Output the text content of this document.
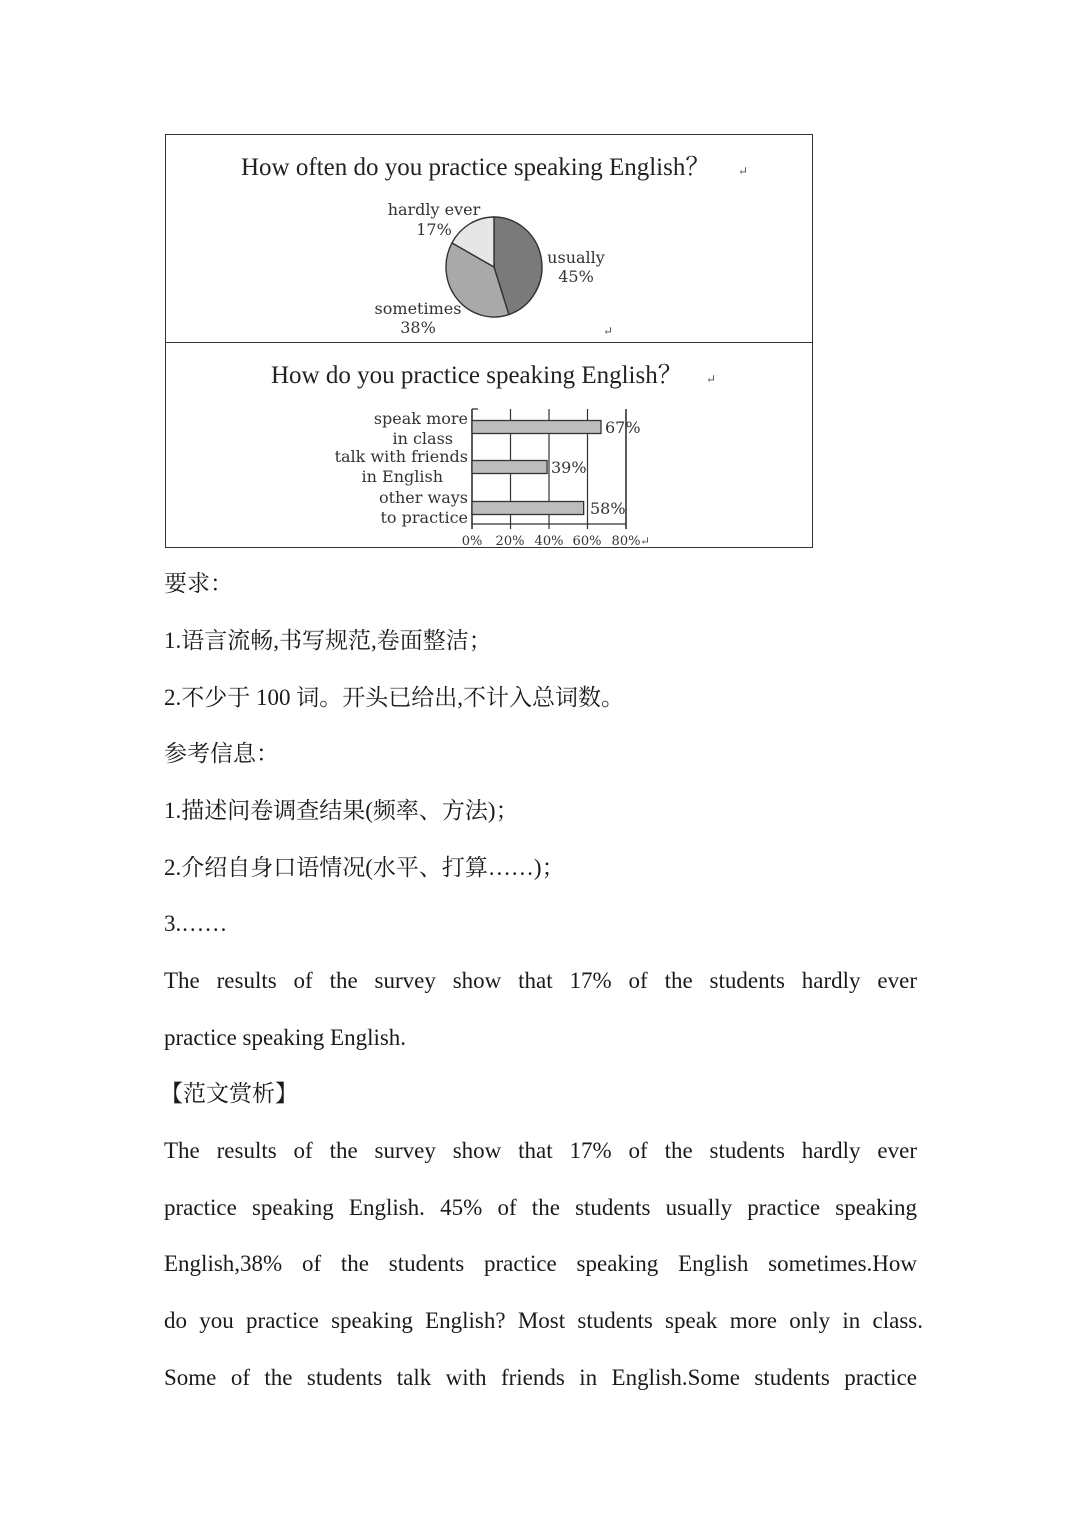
How often do you practice speaking English？ ↵
hardly ever
17%
usually
45%
sometimes
38%	↵
How do you practice speaking English？ ↵
speak more
in class
talk with friends
in English
other ways
to practice
67%
39%
58%
0% 20% 40% 60% 80% ↵
要求：
1.语言流畅,书写规范,卷面整洁；
2.不少于 100 词。开头已给出,不计入总词数。
参考信息：
1.描述问卷调查结果(频率、方法)；
2.介绍自身口语情况(水平、打算……)；
3.……
The results of the survey show that 17% of the students hardly ever
practice speaking English.
【范文赏析】
The results of the survey show that 17% of the students hardly ever
practice speaking English. 45% of the students usually practice speaking
English,38% of the students practice speaking English sometimes.How
do you practice speaking English? Most students speak more only in class.
Some of the students talk with friends in English.Some students practice
